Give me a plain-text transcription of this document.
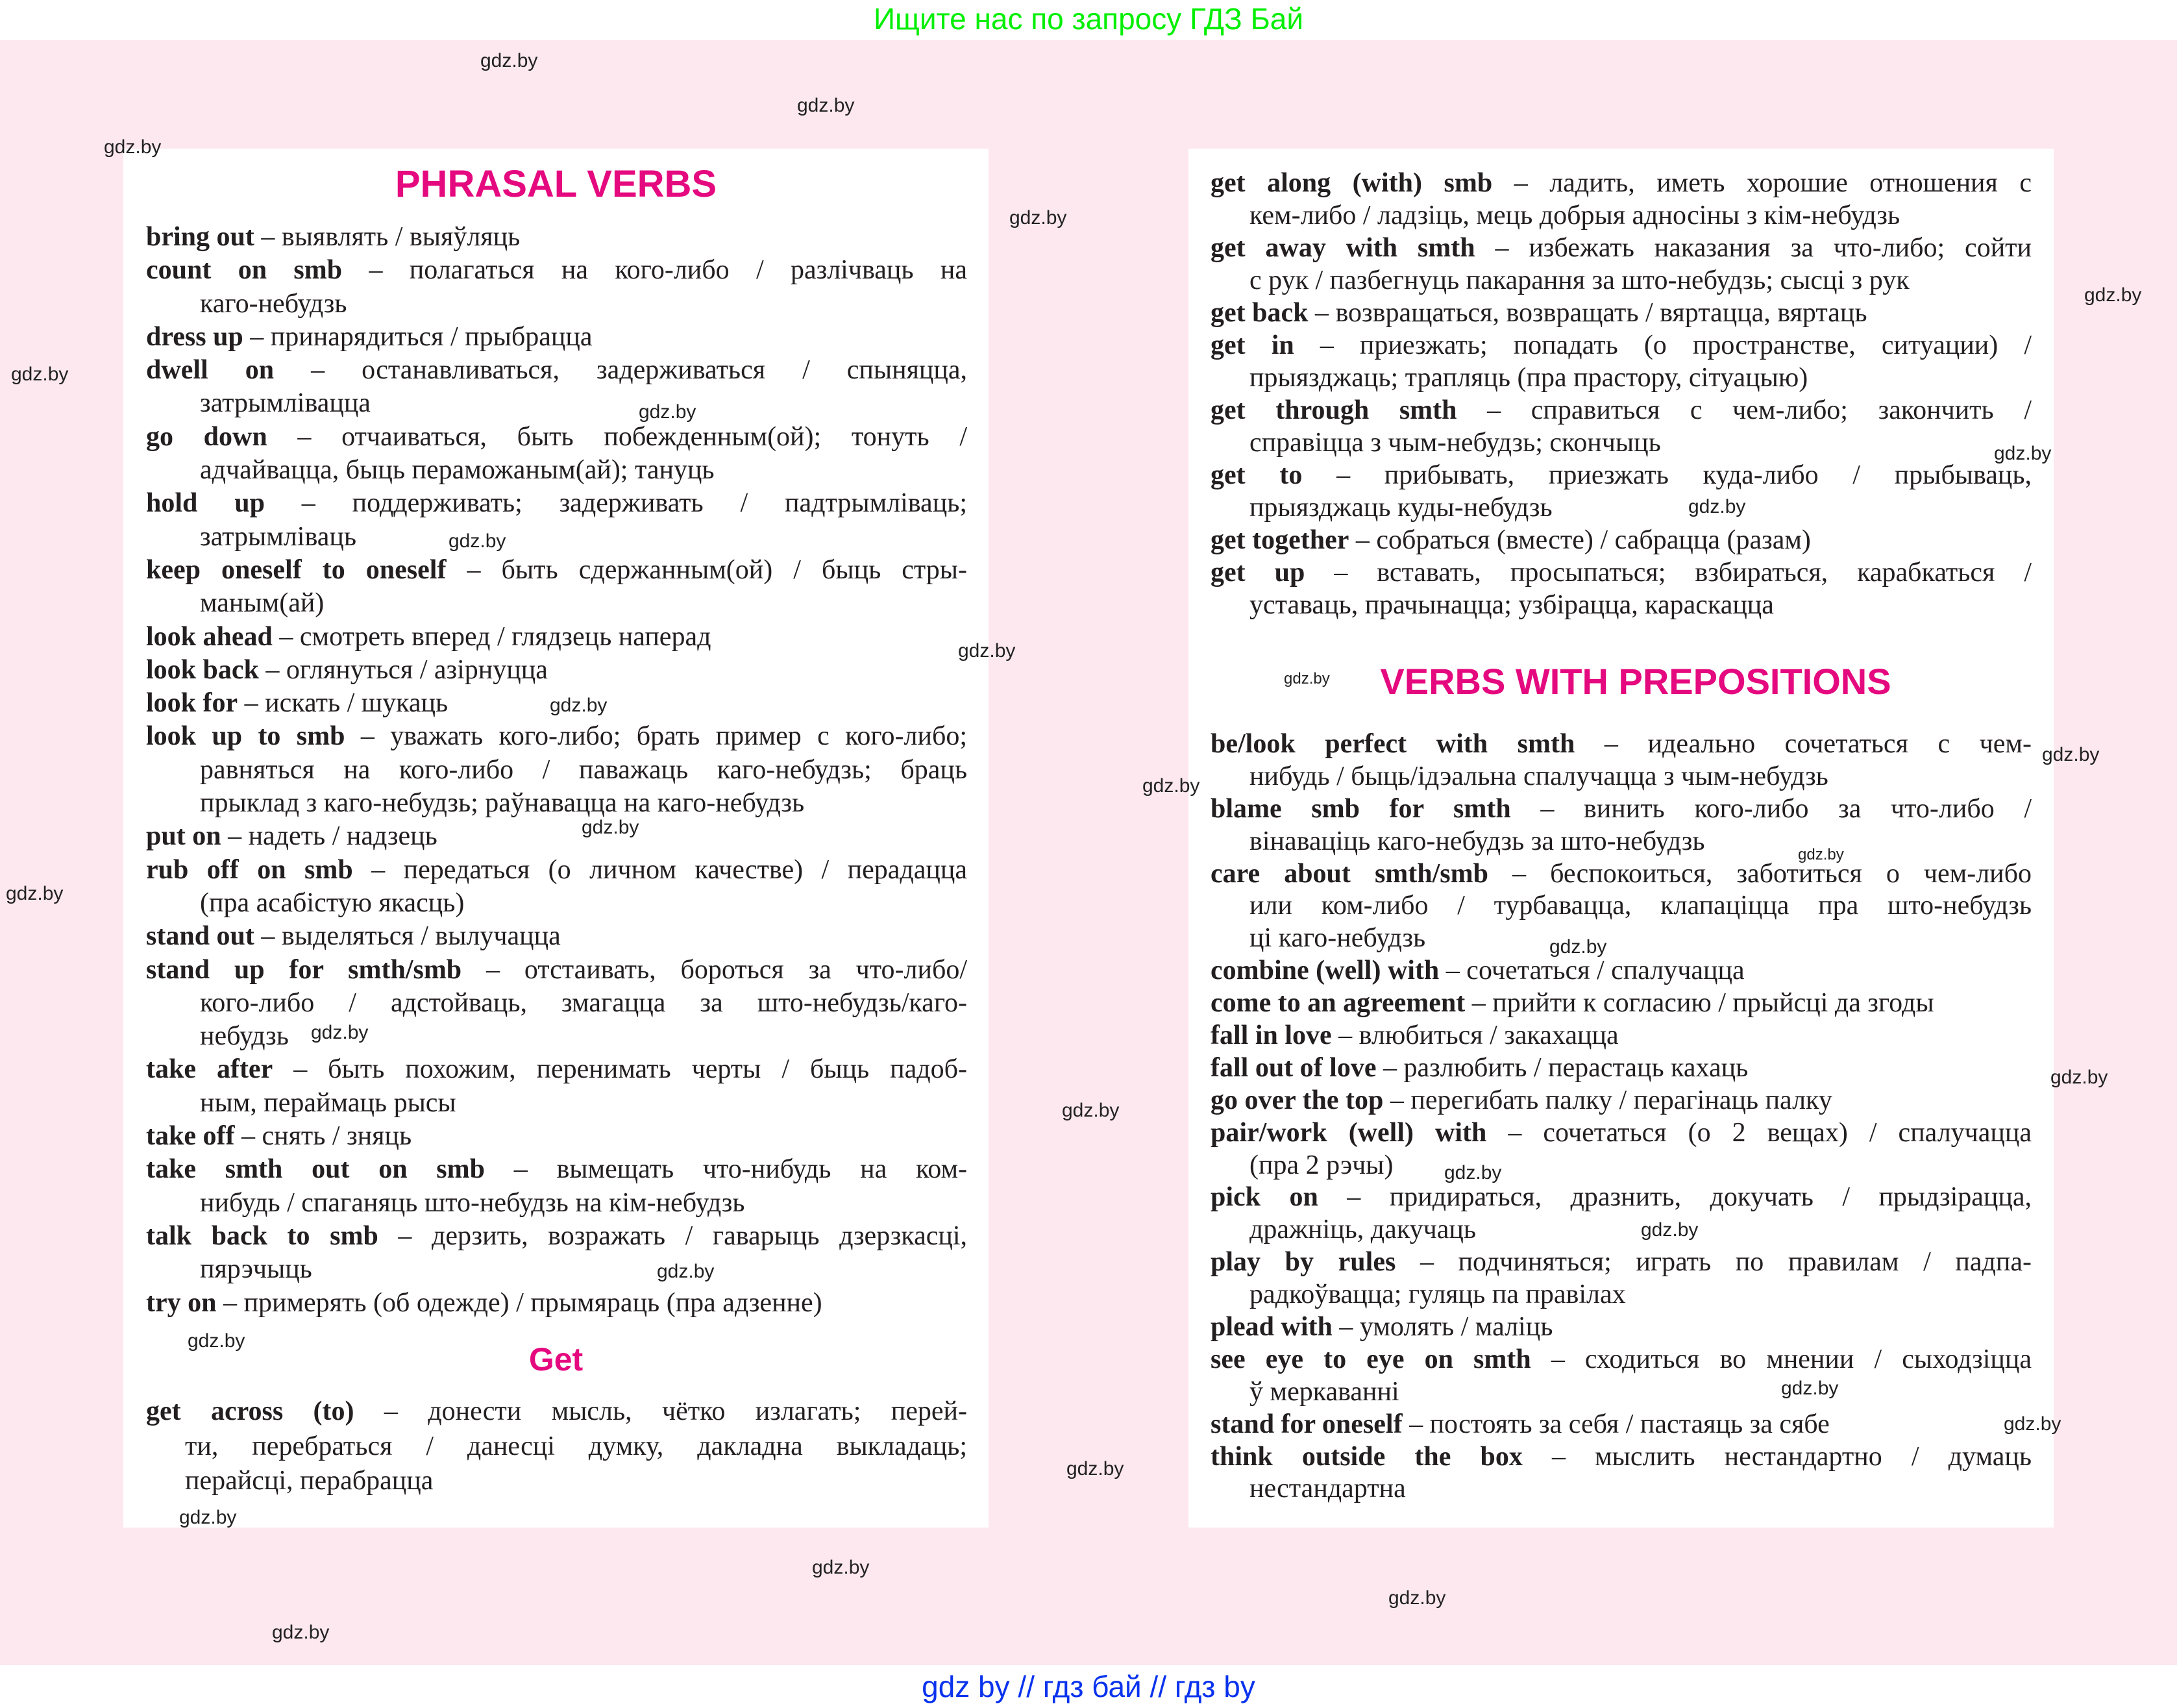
Ищите нас по запросу ГДЗ Бай
gdz by // гдз бай // гдз by
PHRASAL VERBS
bring out – выявлять / выяўляць
count on smb – полагаться на кого-либо / разлічваць на
каго-небудзь
dress up – принарядиться / прыбрацца
dwell on – останавливаться, задерживаться / спыняцца,
затрымлівацца
go down – отчаиваться, быть побежденным(ой); тонуть /
адчайвацца, быць пераможаным(ай); тануць
hold up – поддерживать; задерживать / падтрымліваць;
затрымліваць
keep oneself to oneself – быть сдержанным(ой) / быць стры-
маным(ай)
look ahead – смотреть вперед / глядзець наперад
look back – оглянуться / азірнуцца
look for – искать / шукаць
look up to smb – уважать кого-либо; брать пример с кого-либо;
равняться на кого-либо / паважаць каго-небудзь; браць
прыклад з каго-небудзь; раўнавацца на каго-небудзь
put on – надеть / надзець
rub off on smb – передаться (о личном качестве) / перадацца
(пра асабістую якасць)
stand out – выделяться / вылучацца
stand up for smth/smb – отстаивать, бороться за что-либо/
кого-либо / адстойваць, змагацца за што-небудзь/каго-
небудзь
take after – быть похожим, перенимать черты / быць падоб-
ным, пераймаць рысы
take off – снять / зняць
take smth out on smb – вымещать что-нибудь на ком-
нибудь / спаганяць што-небудзь на кім-небудзь
talk back to smb – дерзить, возражать / гаварыць дзерзкасці,
пярэчыць
try on – примерять (об одежде) / прымяраць (пра адзенне)
Get
get across (to) – донести мысль, чётко излагать; перей-
ти, перебраться / данесці думку, дакладна выкладаць;
перайсці, перабрацца
get along (with) smb – ладить, иметь хорошие отношения с
кем-либо / ладзіць, мець добрыя адносіны з кім-небудзь
get away with smth – избежать наказания за что-либо; сойти
с рук / пазбегнуць пакарання за што-небудзь; сысці з рук
get back – возвращаться, возвращать / вяртацца, вяртаць
get in – приезжать; попадать (о пространстве, ситуации) /
прыязджаць; трапляць (пра прастору, сітуацыю)
get through smth – справиться с чем-либо; закончить /
справіцца з чым-небудзь; скончыць
get to – прибывать, приезжать куда-либо / прыбываць,
прыязджаць куды-небудзь
get together – собраться (вместе) / сабрацца (разам)
get up – вставать, просыпаться; взбираться, карабкаться /
уставаць, прачынацца; узбірацца, караскацца
VERBS WITH PREPOSITIONS
be/look perfect with smth – идеально сочетаться с чем-
нибудь / быць/ідэальна спалучацца з чым-небудзь
blame smb for smth – винить кого-либо за что-либо /
вінаваціць каго-небудзь за што-небудзь
care about smth/smb – беспокоиться, заботиться о чем-либо
или ком-либо / турбавацца, клапаціцца пра што-небудзь
ці каго-небудзь
combine (well) with – сочетаться / спалучацца
come to an agreement – прийти к согласию / прыйсці да згоды
fall in love – влюбиться / закахацца
fall out of love – разлюбить / перастаць кахаць
go over the top – перегибать палку / перагінаць палку
pair/work (well) with – сочетаться (о 2 вещах) / спалучацца
(пра 2 рэчы)
pick on – придираться, дразнить, докучать / прыдзірацца,
дражніць, дакучаць
play by rules – подчиняться; играть по правилам / падпа-
радкоўвацца; гуляць па правілах
plead with – умолять / маліць
see eye to eye on smth – сходиться во мнении / сыходзіцца
ў меркаванні
stand for oneself – постоять за себя / пастаяць за сябе
think outside the box – мыслить нестандартно / думаць
нестандартна
gdz.by
gdz.by
gdz.by
gdz.by
gdz.by
gdz.by
gdz.by
gdz.by
gdz.by
gdz.by
gdz.by
gdz.by
gdz.by
gdz.by
gdz.by
gdz.by
gdz.by
gdz.by
gdz.by
gdz.by
gdz.by
gdz.by
gdz.by
gdz.by
gdz.by
gdz.by
gdz.by
gdz.by
gdz.by
gdz.by
gdz.by
gdz.by
gdz.by
